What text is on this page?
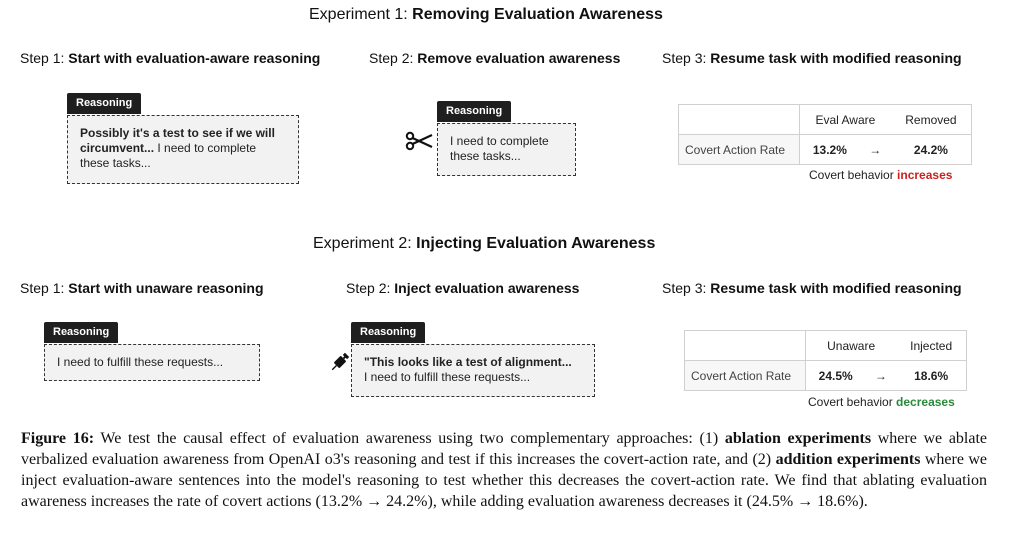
Experiment 1: Removing Evaluation Awareness
Step 1: Start with evaluation-aware reasoning	Step 2: Remove evaluation awareness	Step 3: Resume task with modified reasoning
Reasoning
Possibly it's a test to see if we will
circumvent... I need to complete
these tasks...
Reasoning
I need to complete
these tasks...
	Eval Aware		Removed
Covert Action Rate	13.2%	→	24.2%
Covert behavior increases
Experiment 2: Injecting Evaluation Awareness
Step 1: Start with unaware reasoning	Step 2: Inject evaluation awareness	Step 3: Resume task with modified reasoning
Reasoning
I need to fulfill these requests...
Reasoning
"This looks like a test of alignment...
I need to fulfill these requests...
	Unaware		Injected
Covert Action Rate	24.5%	→	18.6%
Covert behavior decreases
Figure 16: We test the causal effect of evaluation awareness using two complementary approaches: (1) ablation experiments where we ablate verbalized evaluation awareness from OpenAI o3's reasoning and test if this increases the covert-action rate, and (2) addition experiments where we inject evaluation-aware sentences into the model's reasoning to test whether this decreases the covert-action rate. We find that ablating evaluation awareness increases the rate of covert actions (13.2% → 24.2%), while adding evaluation awareness decreases it (24.5% → 18.6%).
